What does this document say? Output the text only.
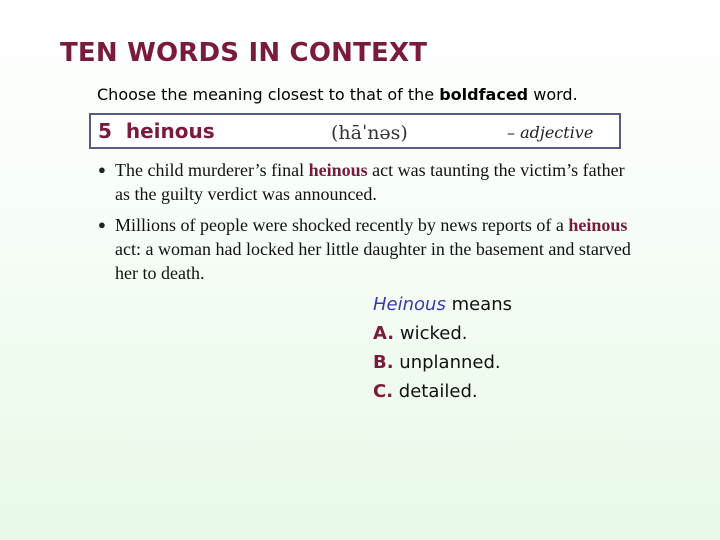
TEN WORDS IN CONTEXT
Choose the meaning closest to that of the boldfaced word.
5 heinous	(hāˈnəs)	– adjective
● The child murderer’s final heinous act was taunting the victim’s father as the guilty verdict was announced.
● Millions of people were shocked recently by news reports of a heinous act: a woman had locked her little daughter in the basement and starved her to death.
Heinous means
A. wicked.
B. unplanned.
C. detailed.
